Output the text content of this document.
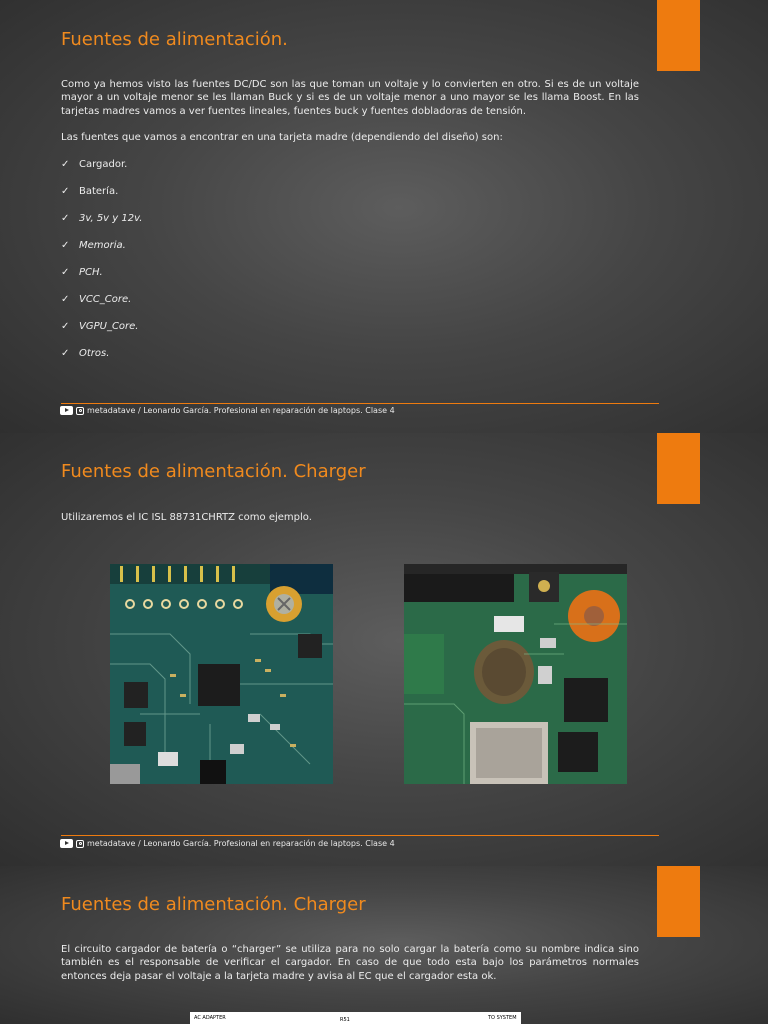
Fuentes de alimentación.
Como ya hemos visto las fuentes DC/DC son las que toman un voltaje y lo convierten en otro. Si es de un voltaje mayor a un voltaje menor se les llaman Buck y si es de un voltaje menor a uno mayor se les llama Boost. En las tarjetas madres vamos a ver fuentes lineales, fuentes buck y fuentes dobladoras de tensión.
Las fuentes que vamos a encontrar en una tarjeta madre (dependiendo del diseño) son:
✓ Cargador.
✓ Batería.
✓ 3v, 5v y 12v.
✓ Memoria.
✓ PCH.
✓ VCC_Core.
✓ VGPU_Core.
✓ Otros.
metadatave / Leonardo García. Profesional en reparación de laptops. Clase 4
Fuentes de alimentación. Charger
Utilizaremos el IC ISL 88731CHRTZ como ejemplo.
metadatave / Leonardo García. Profesional en reparación de laptops. Clase 4
Fuentes de alimentación. Charger
El circuito cargador de batería o “charger” se utiliza para no solo cargar la batería como su nombre indica sino también es el responsable de verificar el cargador. En caso de que todo esta bajo los parámetros normales entonces deja pasar el voltaje a la tarjeta madre y avisa al EC que el cargador esta ok.
AC ADAPTER	R51	TO SYSTEM
